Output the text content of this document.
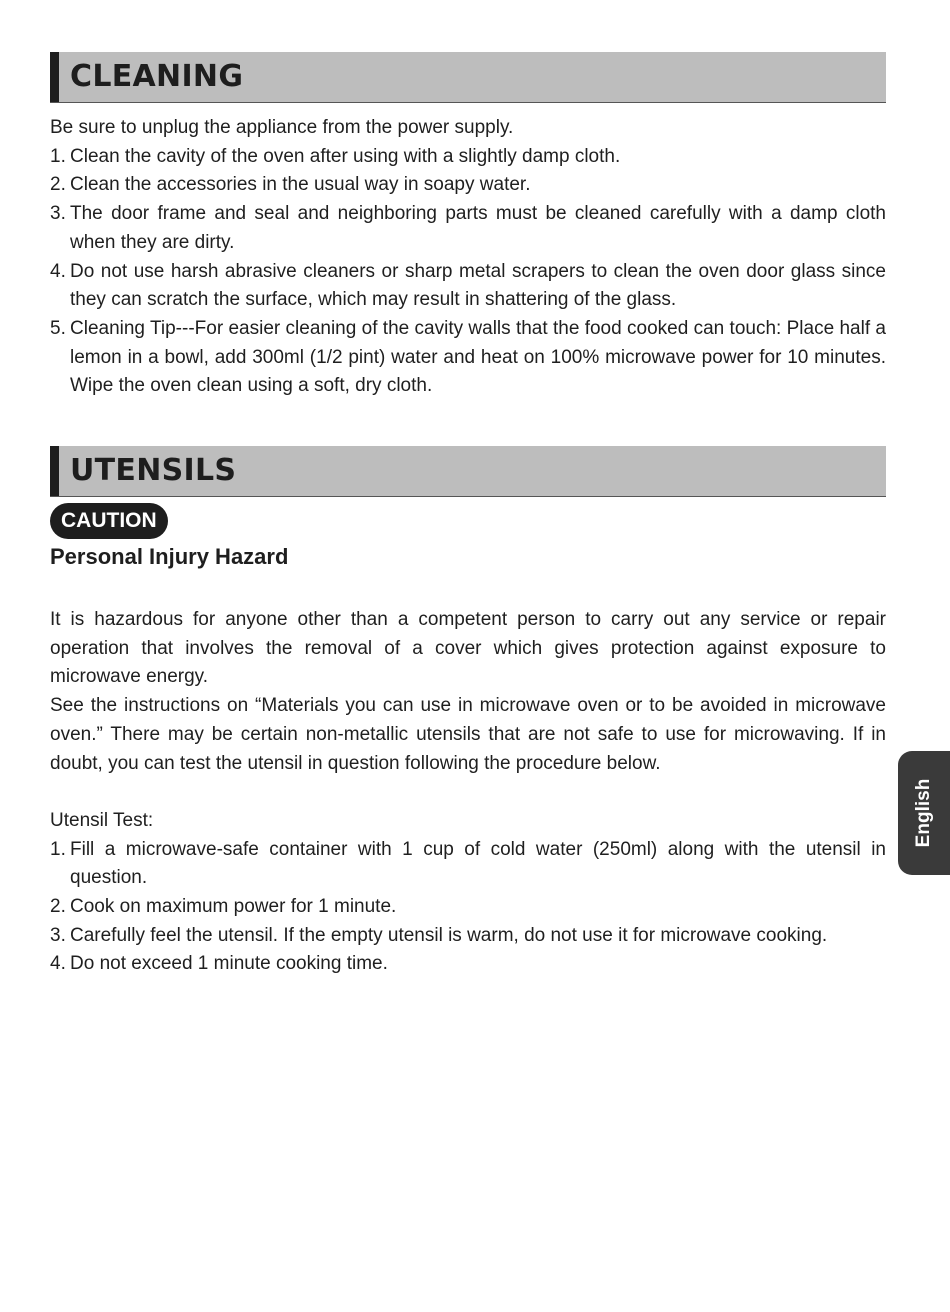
CLEANING

Be sure to unplug the appliance from the power supply.

1. Clean the cavity of the oven after using with a slightly damp cloth.
2. Clean the accessories in the usual way in soapy water.
3. The door frame and seal and neighboring parts must be cleaned carefully with a damp cloth when they are dirty.
4. Do not use harsh abrasive cleaners or sharp metal scrapers to clean the oven door glass since they can scratch the surface, which may result in shattering of the glass.
5. Cleaning Tip---For easier cleaning of the cavity walls that the food cooked can touch: Place half a lemon in a bowl, add 300ml (1/2 pint) water and heat on 100% microwave power for 10 minutes. Wipe the oven clean using a soft, dry cloth.
UTENSILS
CAUTION
Personal Injury Hazard

It is hazardous for anyone other than a competent person to carry out any service or repair operation that involves the removal of a cover which gives protection against exposure to microwave energy.

See the instructions on “Materials you can use in microwave oven or to be avoided in microwave oven.” There may be certain non-metallic utensils that are not safe to use for microwaving. If in doubt, you can test the utensil in question following the procedure below.

Utensil Test:

1. Fill a microwave-safe container with 1 cup of cold water (250ml) along with the utensil in question.
2. Cook on maximum power for 1 minute.
3. Carefully feel the utensil. If the empty utensil is warm, do not use it for microwave cooking.
4. Do not exceed 1 minute cooking time.
English
